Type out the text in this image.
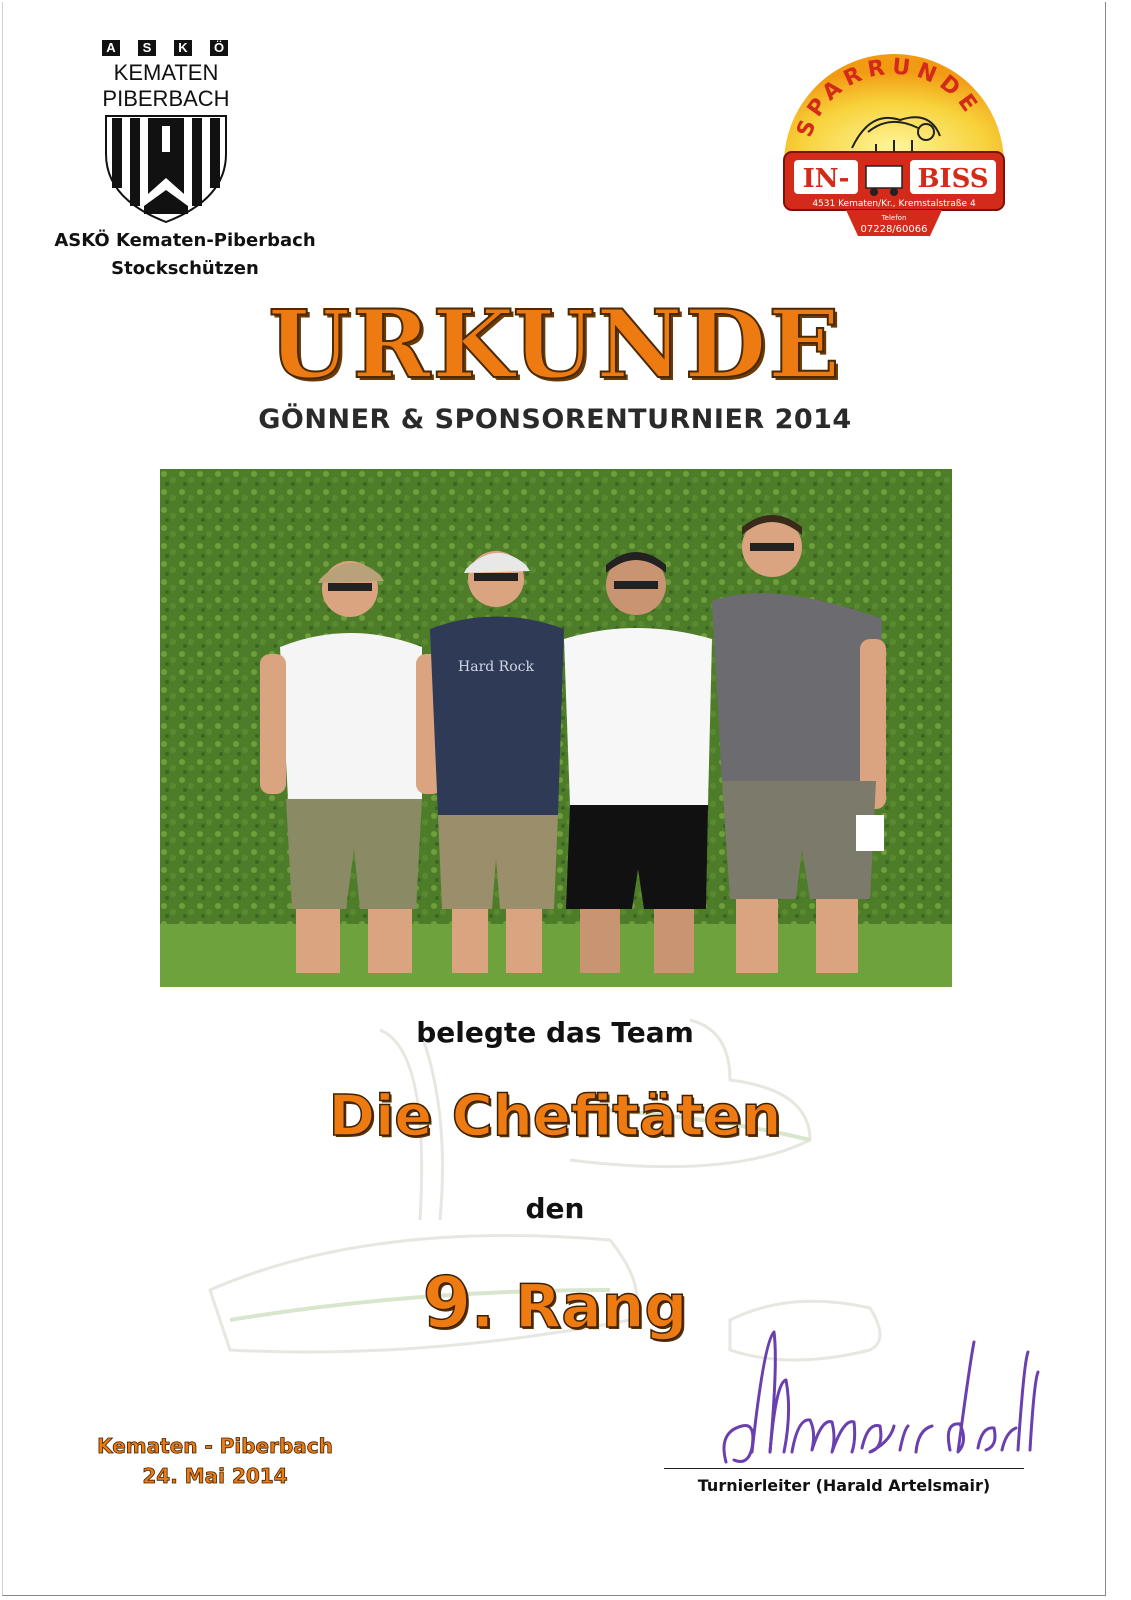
A	S	K	Ö
KEMATEN
PIBERBACH
ASKÖ Kematen-Piberbach
Stockschützen
SPARRUNDE
IN-	BISS
4531 Kematen/Kr., Kremstalstraße 4
Telefon
07228/60066
URKUNDE
GÖNNER & SPONSORENTURNIER 2014
Hard Rock
belegte das Team
Die Chefitäten
den
9. Rang
Kematen - Piberbach
24. Mai 2014	Turnierleiter (Harald Artelsmair)
